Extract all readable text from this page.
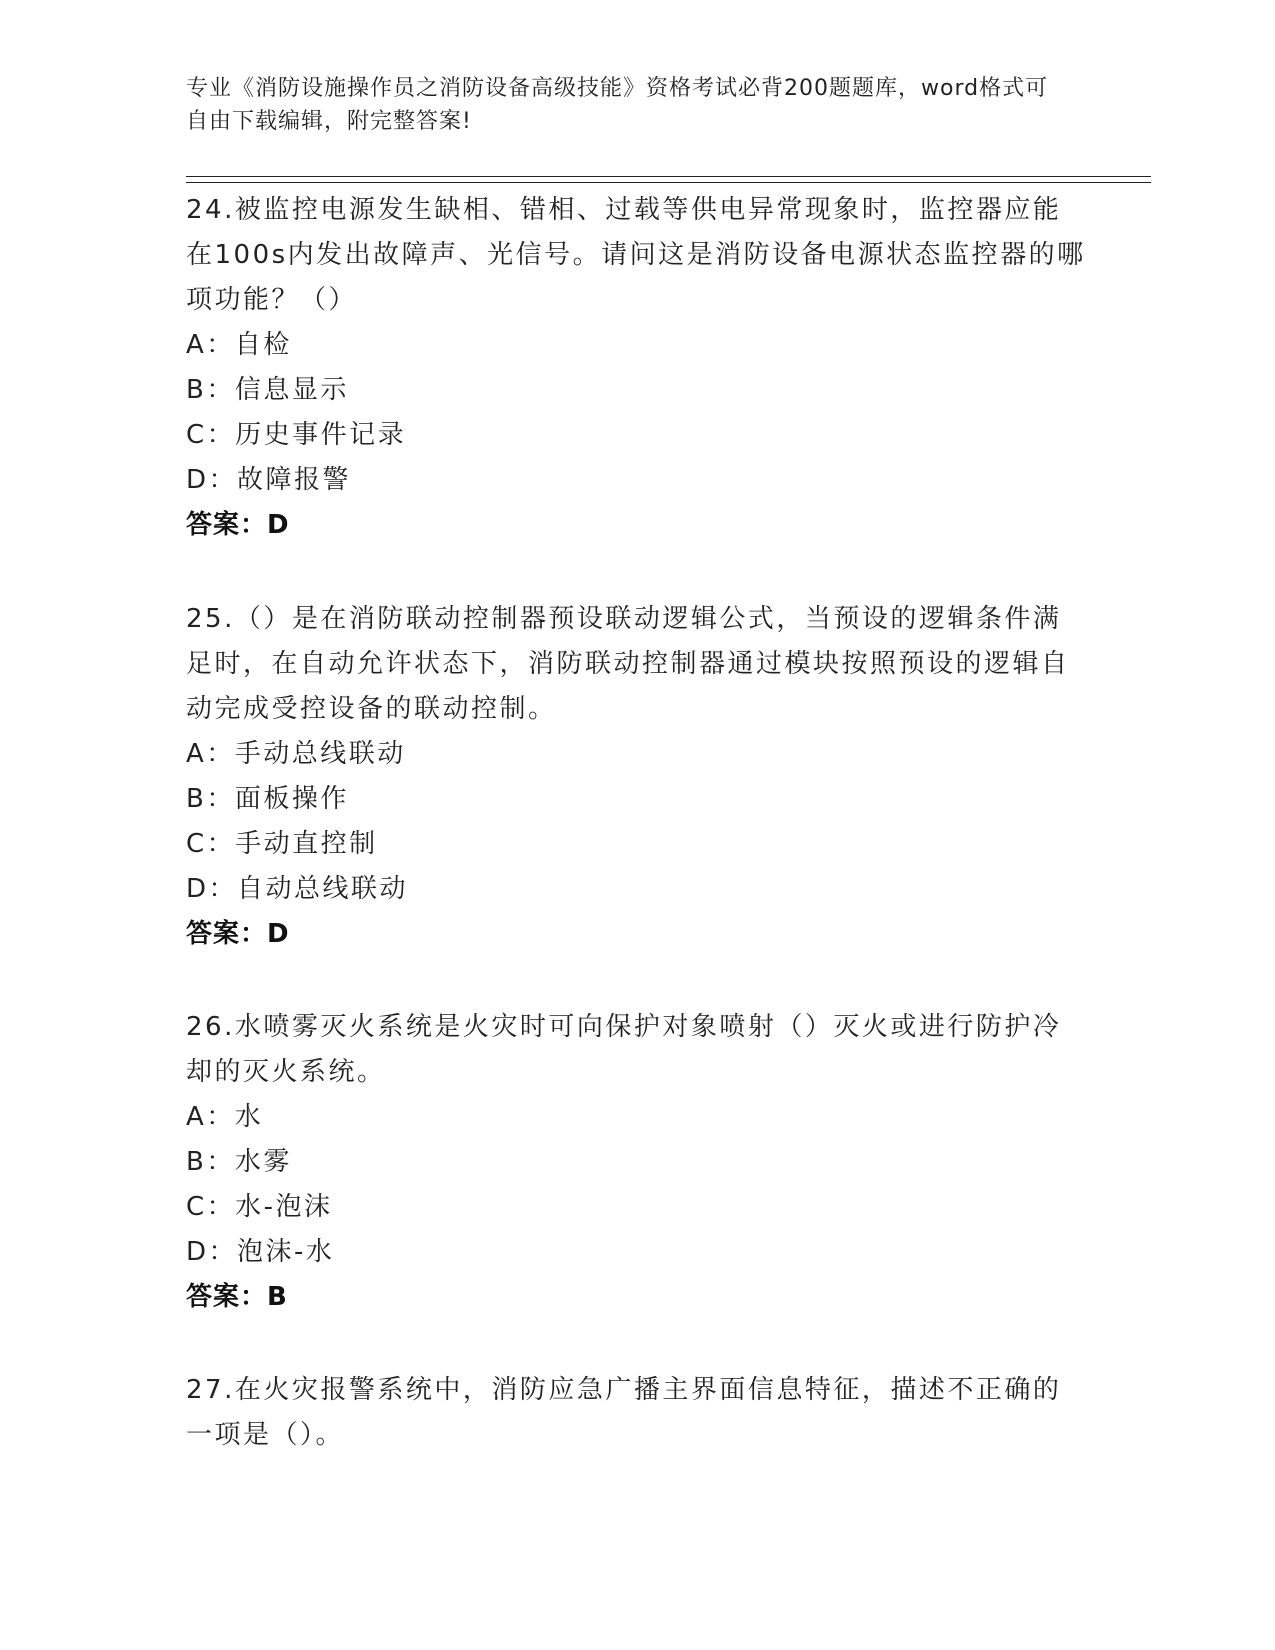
专业《消防设施操作员之消防设备高级技能》资格考试必背200题题库，word格式可自由下载编辑，附完整答案!
24.被监控电源发生缺相、错相、过载等供电异常现象时，监控器应能在100s内发出故障声、光信号。请问这是消防设备电源状态监控器的哪项功能？（）
A：自检
B：信息显示
C：历史事件记录
D：故障报警
答案：D
25.（）是在消防联动控制器预设联动逻辑公式，当预设的逻辑条件满足时，在自动允许状态下，消防联动控制器通过模块按照预设的逻辑自动完成受控设备的联动控制。
A：手动总线联动
B：面板操作
C：手动直控制
D：自动总线联动
答案：D
26.水喷雾灭火系统是火灾时可向保护对象喷射（）灭火或进行防护冷却的灭火系统。
A：水
B：水雾
C：水-泡沫
D：泡沫-水
答案：B
27.在火灾报警系统中，消防应急广播主界面信息特征，描述不正确的一项是（）。
